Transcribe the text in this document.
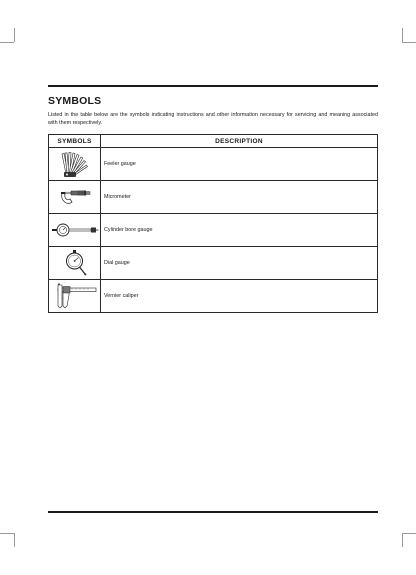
SYMBOLS

Listed in the table below are the symbols indicating instructions and other information necessary for servicing and meaning associated with them respectively.

SYMBOLS	DESCRIPTION

	Feeler gauge

	Micrometer

	Cylinder bore gauge

	Dial gauge

	Vernier caliper
